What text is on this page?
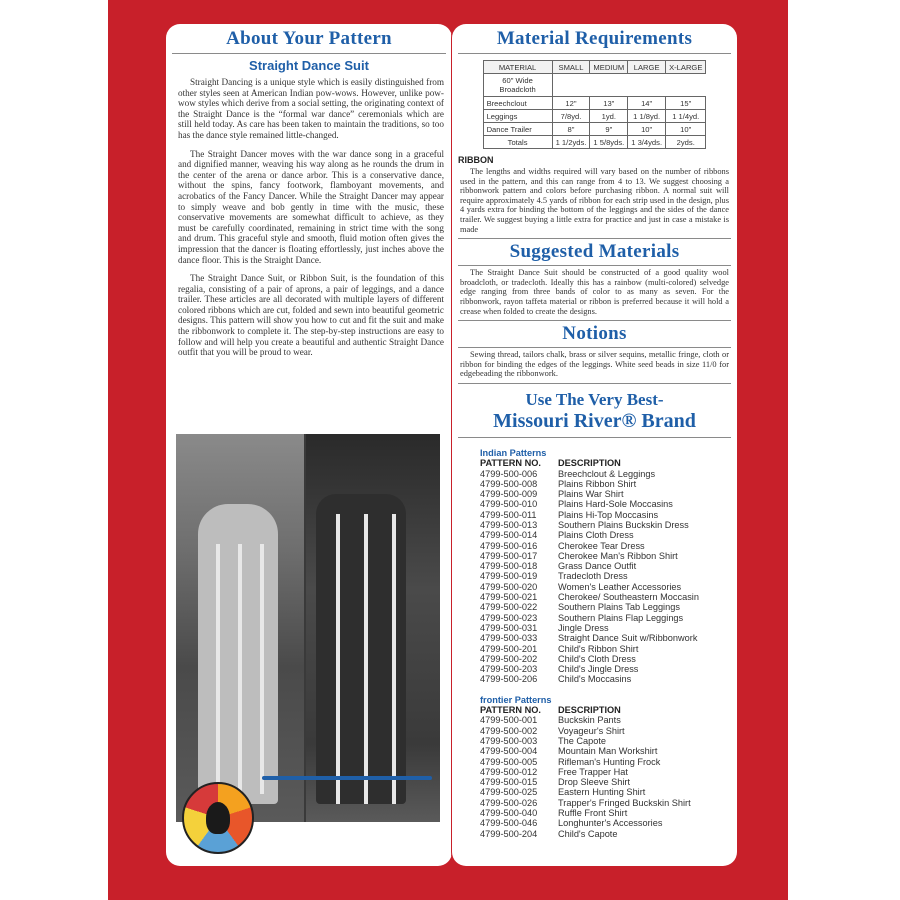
About Your Pattern
Straight Dance Suit

Straight Dancing is a unique style which is easily distinguished from other styles seen at American Indian pow-wows. However, unlike pow-wow styles which derive from a social setting, the originating context of the Straight Dance is the “formal war dance” ceremonials which are still held today. As care has been taken to maintain the traditions, so too has the dance style remained little-changed.

The Straight Dancer moves with the war dance song in a graceful and dignified manner, weaving his way along as he rounds the drum in the center of the arena or dance arbor. This is a conservative dance, without the spins, fancy footwork, flamboyant movements, and acrobatics of the Fancy Dancer. While the Straight Dancer may appear to simply weave and bob gently in time with the music, these conservative movements are somewhat difficult to achieve, as they must be carefully coordinated, remaining in strict time with the song and drum. This graceful style and smooth, fluid motion often gives the impression that the dancer is floating effortlessly, just inches above the dance floor. This is the Straight Dance.

The Straight Dance Suit, or Ribbon Suit, is the foundation of this regalia, consisting of a pair of aprons, a pair of leggings, and a dance trailer. These articles are all decorated with multiple layers of different colored ribbons which are cut, folded and sewn into beautiful geometric designs. This pattern will show you how to cut and fit the suit and make the ribbonwork to complete it. The step-by-step instructions are easy to follow and will help you create a beautiful and authentic Straight Dance outfit that you will be proud to wear.

Material Requirements
MATERIAL	SMALL	MEDIUM	LARGE	X-LARGE
60" Wide Broadcloth				
Breechclout	12"	13"	14"	15"
Leggings	7/8yd.	1yd.	1 1/8yd.	1 1/4yd.
Dance Trailer	8"	9"	10"	10"
Totals	1 1/2yds.	1 5/8yds.	1 3/4yds.	2yds.
RIBBON

The lengths and widths required will vary based on the number of ribbons used in the pattern, and this can range from 4 to 13. We suggest choosing a ribbonwork pattern and colors before purchasing ribbon. A normal suit will require approximately 4.5 yards of ribbon for each strip used in the design, plus 4 yards extra for binding the bottom of the leggings and the sides of the dance trailer. We suggest buying a little extra for practice and just in case a mistake is made

Suggested Materials

The Straight Dance Suit should be constructed of a good quality wool broadcloth, or tradecloth. Ideally this has a rainbow (multi-colored) selvedge edge ranging from three bands of color to as many as seven. For the ribbonwork, rayon taffeta material or ribbon is preferred because it will hold a crease when folded to create the designs.

Notions

Sewing thread, tailors chalk, brass or silver sequins, metallic fringe, cloth or ribbon for binding the edges of the leggings. White seed beads in size 11/0 for edgebeading the ribbonwork.

Use The Very Best-
Missouri River® Brand
Indian Patterns
PATTERN NO. DESCRIPTION
4799-500-006 Breechclout & Leggings
4799-500-008 Plains Ribbon Shirt
4799-500-009 Plains War Shirt
4799-500-010 Plains Hard-Sole Moccasins
4799-500-011 Plains Hi-Top Moccasins
4799-500-013 Southern Plains Buckskin Dress
4799-500-014 Plains Cloth Dress
4799-500-016 Cherokee Tear Dress
4799-500-017 Cherokee Man's Ribbon Shirt
4799-500-018 Grass Dance Outfit
4799-500-019 Tradecloth Dress
4799-500-020 Women's Leather Accessories
4799-500-021 Cherokee/ Southeastern Moccasin
4799-500-022 Southern Plains Tab Leggings
4799-500-023 Southern Plains Flap Leggings
4799-500-031 Jingle Dress
4799-500-033 Straight Dance Suit w/Ribbonwork
4799-500-201 Child's Ribbon Shirt
4799-500-202 Child's Cloth Dress
4799-500-203 Child's Jingle Dress
4799-500-206 Child's Moccasins
frontier Patterns
PATTERN NO. DESCRIPTION
4799-500-001 Buckskin Pants
4799-500-002 Voyageur's Shirt
4799-500-003 The Capote
4799-500-004 Mountain Man Workshirt
4799-500-005 Rifleman's Hunting Frock
4799-500-012 Free Trapper Hat
4799-500-015 Drop Sleeve Shirt
4799-500-025 Eastern Hunting Shirt
4799-500-026 Trapper's Fringed Buckskin Shirt
4799-500-040 Ruffle Front Shirt
4799-500-046 Longhunter's Accessories
4799-500-204 Child's Capote
